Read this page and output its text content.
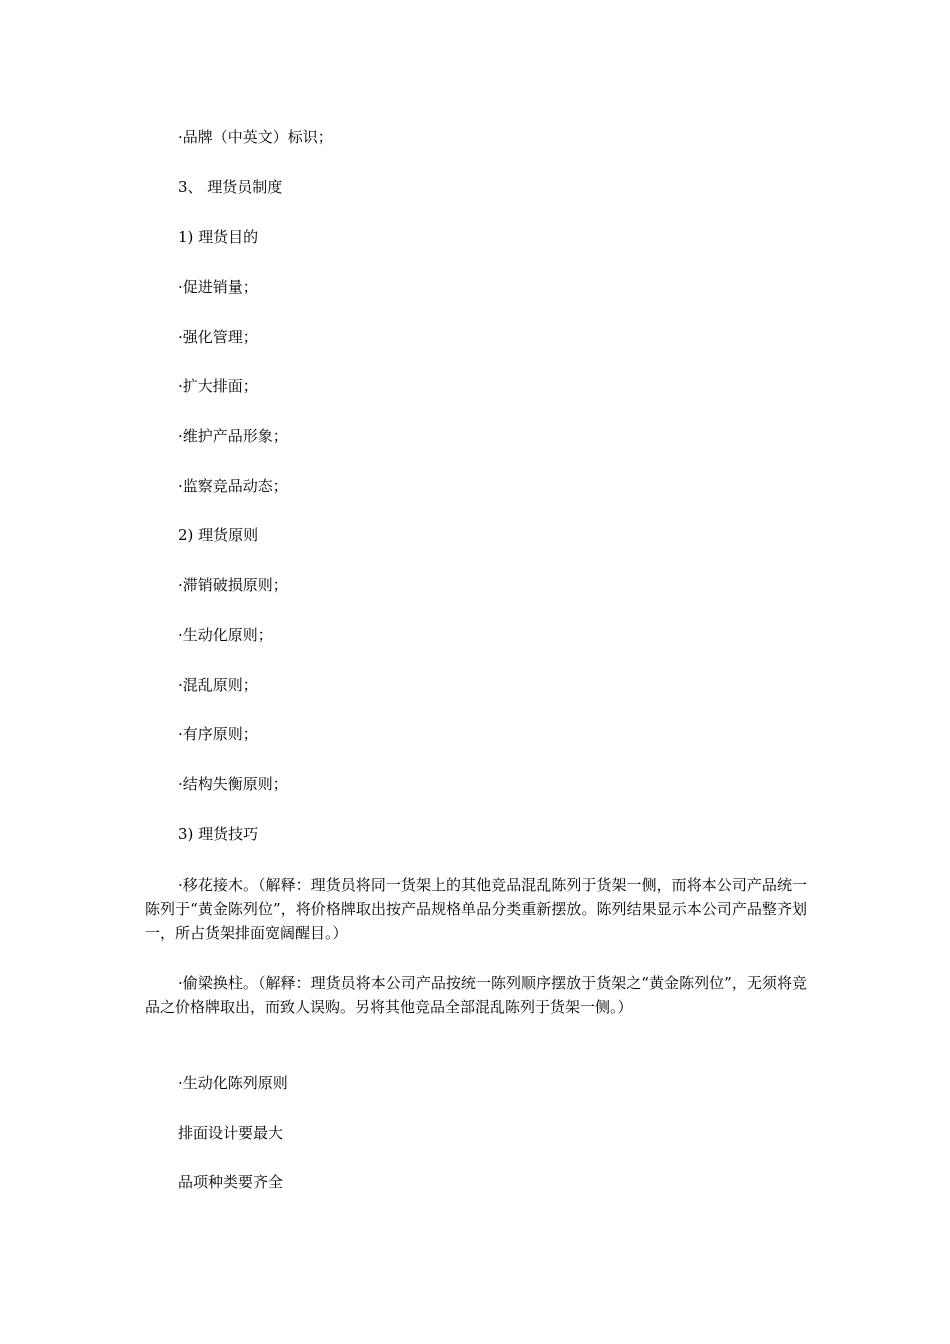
·品牌（中英文）标识；
3、 理货员制度
1) 理货目的
·促进销量；
·强化管理；
·扩大排面；
·维护产品形象；
·监察竞品动态；
2) 理货原则
·滞销破损原则；
·生动化原则；
·混乱原则；
·有序原则；
·结构失衡原则；
3) 理货技巧
·移花接木。（解释：理货员将同一货架上的其他竞品混乱陈列于货架一侧，而将本公司产品统一陈列于“黄金陈列位”，将价格牌取出按产品规格单品分类重新摆放。陈列结果显示本公司产品整齐划一，所占货架排面宽阔醒目。）
·偷梁换柱。（解释：理货员将本公司产品按统一陈列顺序摆放于货架之“黄金陈列位”，无须将竞品之价格牌取出，而致人误购。另将其他竞品全部混乱陈列于货架一侧。）
·生动化陈列原则
排面设计要最大
品项种类要齐全
